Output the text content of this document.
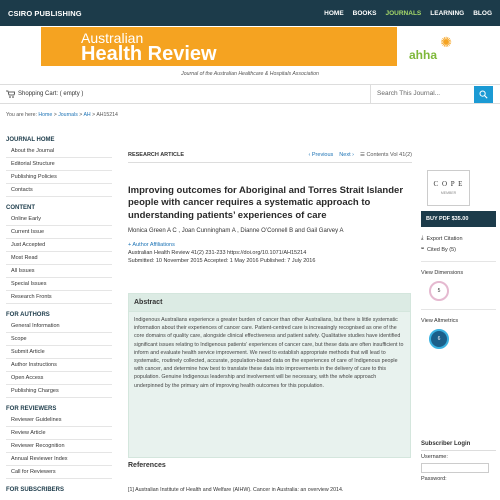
CSIRO PUBLISHING	HOME BOOKS JOURNALS LEARNING BLOG
Australian
Health Review
✺
ahha
Journal of the Australian Healthcare & Hospitals Association
Shopping Cart: ( empty )	Search This Journal...
You are here: Home > Journals > AH > AH15214
JOURNAL HOME
About the Journal
Editorial Structure
Publishing Policies
Contacts
CONTENT
Online Early
Current Issue
Just Accepted
Most Read
All Issues
Special Issues
Research Fronts
FOR AUTHORS
General Information
Scope
Submit Article
Author Instructions
Open Access
Publishing Charges
FOR REVIEWERS
Reviewer Guidelines
Review Article
Reviewer Recognition
Annual Reviewer Index
Call for Reviewers
FOR SUBSCRIBERS
RESEARCH ARTICLE	‹ Previous Next › ☰ Contents Vol 41(2)
Improving outcomes for Aboriginal and Torres Strait Islander people with cancer requires a systematic approach to understanding patients’ experiences of care
Monica Green A C , Joan Cunningham A , Dianne O’Connell B and Gail Garvey A
+ Author Affiliations
Australian Health Review 41(2) 231-233 https://doi.org/10.1071/AH15214
Submitted: 10 November 2015 Accepted: 1 May 2016 Published: 7 July 2016
Abstract
Indigenous Australians experience a greater burden of cancer than other Australians, but there is little systematic information about their experiences of cancer care. Patient-centred care is increasingly recognised as one of the core domains of quality care, alongside clinical effectiveness and patient safety. Qualitative studies have identified significant issues relating to Indigenous patients’ experiences of cancer care, but these data are often insufficient to inform and evaluate health service improvement. We need to establish appropriate methods that will lead to systematic, routinely collected, accurate, population-based data on the experiences of care of Indigenous people with cancer, and determine how best to translate these data into improvements in the delivery of care to this population. Genuine Indigenous leadership and involvement will be necessary, with the whole approach underpinned by the primary aim of improving health outcomes for this population.
References
[1] Australian Institute of Health and Welfare (AIHW). Cancer in Australia: an overview 2014.
C O P E
MEMBER
BUY PDF $35.00
⤓ Export Citation
❝ Cited By (5)
View Dimensions
5
View Altmetrics
6
Subscriber Login
Username:
Password:
